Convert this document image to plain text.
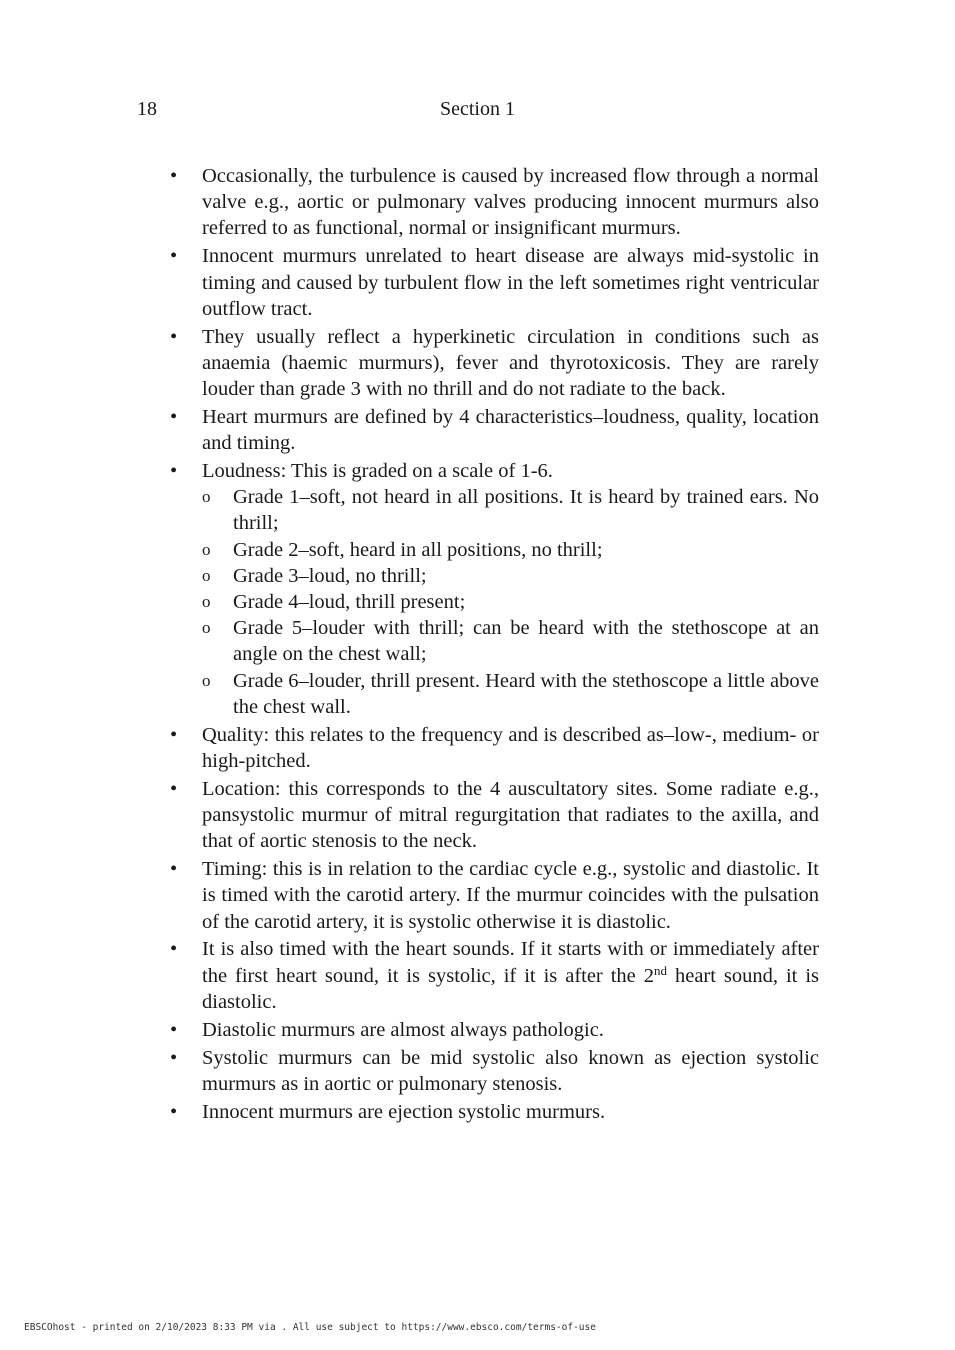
18	Section 1
•	Occasionally, the turbulence is caused by increased flow through a normal valve e.g., aortic or pulmonary valves producing innocent murmurs also referred to as functional, normal or insignificant murmurs.
•	Innocent murmurs unrelated to heart disease are always mid-systolic in timing and caused by turbulent flow in the left sometimes right ventricular outflow tract.
•	They usually reflect a hyperkinetic circulation in conditions such as anaemia (haemic murmurs), fever and thyrotoxicosis. They are rarely louder than grade 3 with no thrill and do not radiate to the back.
•	Heart murmurs are defined by 4 characteristics–loudness, quality, location and timing.
•	Loudness: This is graded on a scale of 1-6.
o Grade 1–soft, not heard in all positions. It is heard by trained ears. No thrill;
o Grade 2–soft, heard in all positions, no thrill;
o Grade 3–loud, no thrill;
o Grade 4–loud, thrill present;
o Grade 5–louder with thrill; can be heard with the stethoscope at an angle on the chest wall;
o Grade 6–louder, thrill present. Heard with the stethoscope a little above the chest wall.
•	Quality: this relates to the frequency and is described as–low-, medium- or high-pitched.
•	Location: this corresponds to the 4 auscultatory sites. Some radiate e.g., pansystolic murmur of mitral regurgitation that radiates to the axilla, and that of aortic stenosis to the neck.
•	Timing: this is in relation to the cardiac cycle e.g., systolic and diastolic. It is timed with the carotid artery. If the murmur coincides with the pulsation of the carotid artery, it is systolic otherwise it is diastolic.
•	It is also timed with the heart sounds. If it starts with or immediately after the first heart sound, it is systolic, if it is after the 2nd heart sound, it is diastolic.
•	Diastolic murmurs are almost always pathologic.
•	Systolic murmurs can be mid systolic also known as ejection systolic murmurs as in aortic or pulmonary stenosis.
•	Innocent murmurs are ejection systolic murmurs.
EBSCOhost - printed on 2/10/2023 8:33 PM via . All use subject to https://www.ebsco.com/terms-of-use
